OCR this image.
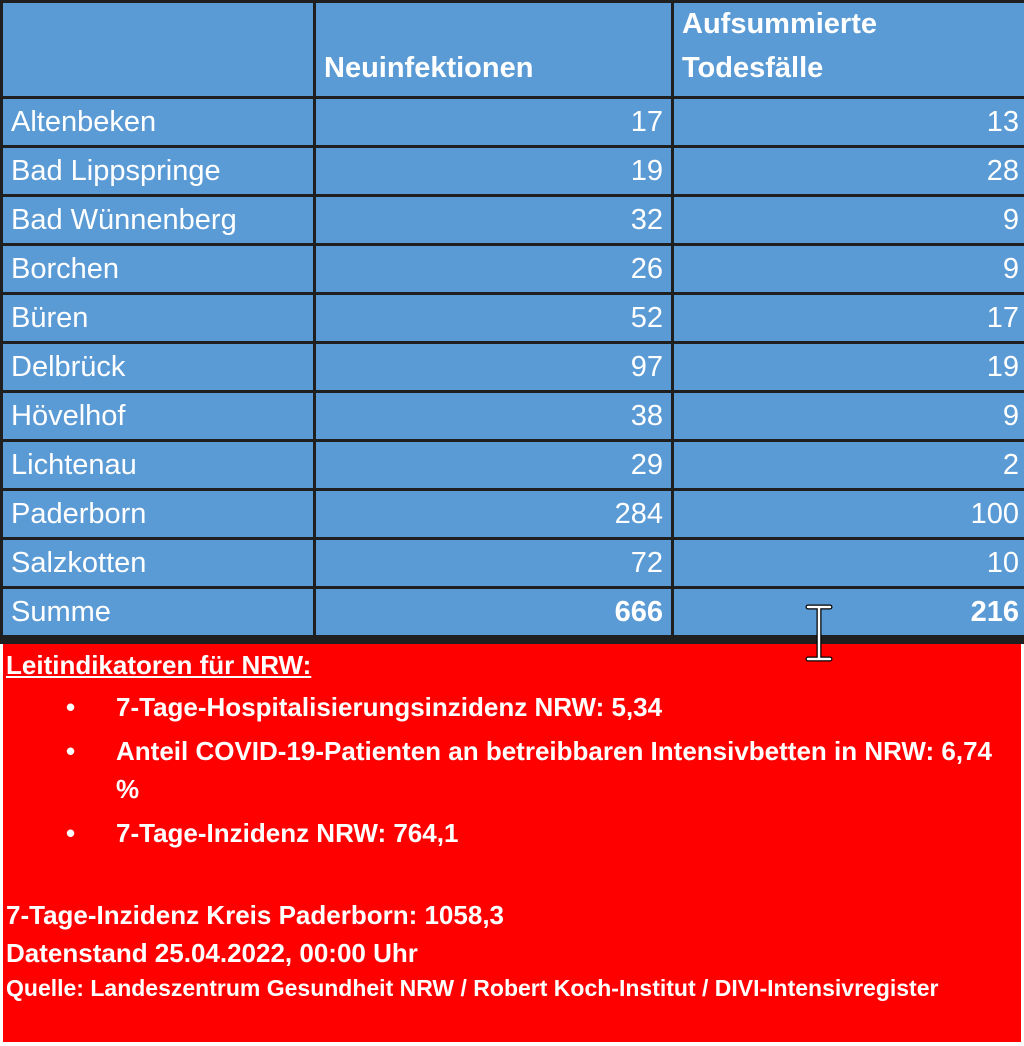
	Neuinfektionen	Aufsummierte Todesfälle
Altenbeken	17	13
Bad Lippspringe	19	28
Bad Wünnenberg	32	9
Borchen	26	9
Büren	52	17
Delbrück	97	19
Hövelhof	38	9
Lichtenau	29	2
Paderborn	284	100
Salzkotten	72	10
Summe	666	216

Leitindikatoren für NRW:

• 7-Tage-Hospitalisierungsinzidenz NRW: 5,34
• Anteil COVID-19-Patienten an betreibbaren Intensivbetten in NRW: 6,74 %
• 7-Tage-Inzidenz NRW: 764,1
7-Tage-Inzidenz Kreis Paderborn: 1058,3
Datenstand 25.04.2022, 00:00 Uhr
Quelle: Landeszentrum Gesundheit NRW / Robert Koch-Institut / DIVI-Intensivregister
